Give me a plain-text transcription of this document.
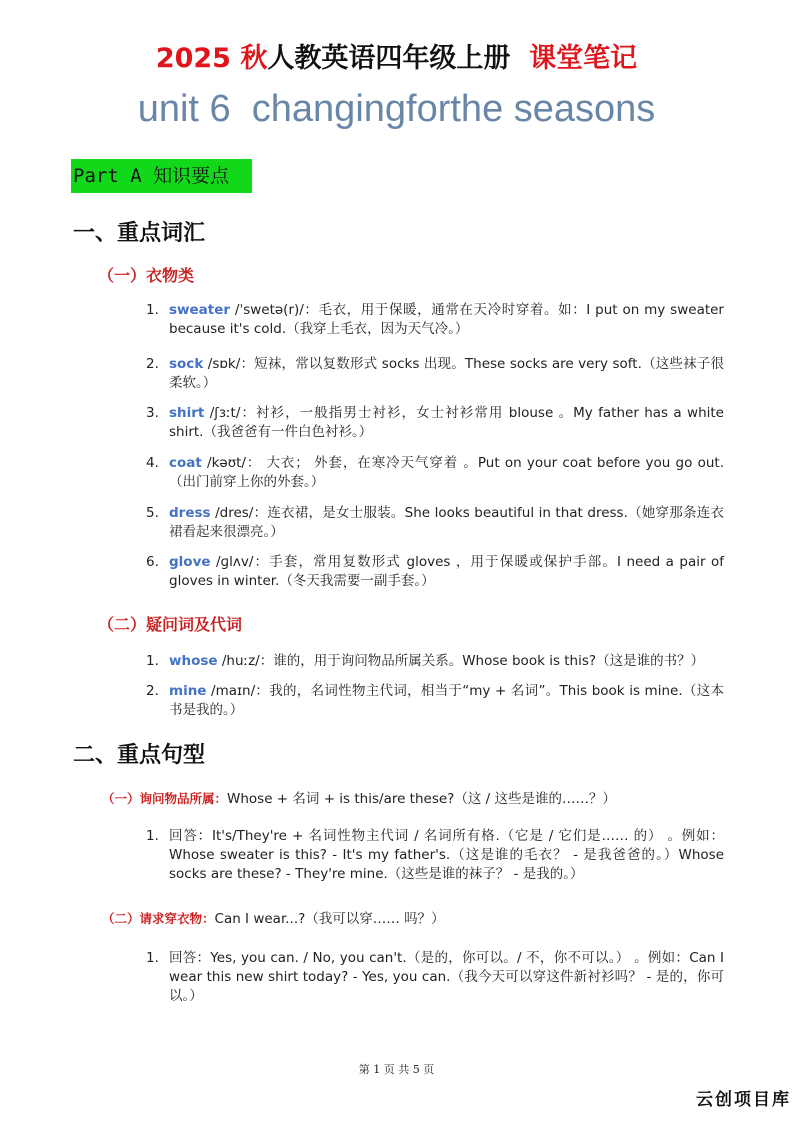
2025 秋人教英语四年级上册 课堂笔记
unit 6 changingforthe seasons
Part A 知识要点
一、重点词汇
（一）衣物类
1. sweater /ˈswetə(r)/：毛衣，用于保暖，通常在天冷时穿着。如：I put on my sweater because it's cold.（我穿上毛衣，因为天气冷。）
2. sock /sɒk/：短袜，常以复数形式 socks 出现。These socks are very soft.（这些袜子很柔软。）
3. shirt /ʃɜːt/：衬衫，一般指男士衬衫，女士衬衫常用 blouse 。My father has a white shirt.（我爸爸有一件白色衬衫。）
4. coat /kəʊt/： 大衣； 外套，在寒冷天气穿着 。Put on your coat before you go out.（出门前穿上你的外套。）
5. dress /dres/：连衣裙，是女士服装。She looks beautiful in that dress.（她穿那条连衣裙看起来很漂亮。）
6. glove /ɡlʌv/：手套，常用复数形式 gloves ，用于保暖或保护手部。I need a pair of gloves in winter.（冬天我需要一副手套。）
（二）疑问词及代词
1. whose /huːz/：谁的，用于询问物品所属关系。Whose book is this?（这是谁的书？）
2. mine /maɪn/：我的，名词性物主代词，相当于“my + 名词”。This book is mine.（这本书是我的。）
二、重点句型
（一）询问物品所属：Whose + 名词 + is this/are these?（这 / 这些是谁的……？）
1. 回答：It's/They're + 名词性物主代词 / 名词所有格.（它是 / 它们是…… 的） 。例如：Whose sweater is this? - It's my father's.（这是谁的毛衣？ - 是我爸爸的。）Whose socks are these? - They're mine.（这些是谁的袜子？ - 是我的。）
（二）请求穿衣物：Can I wear...?（我可以穿…… 吗？）
1. 回答：Yes, you can. / No, you can't.（是的，你可以。/ 不，你不可以。） 。例如：Can I wear this new shirt today? - Yes, you can.（我今天可以穿这件新衬衫吗？ - 是的，你可以。）
第 1 页 共 5 页
云创项目库
